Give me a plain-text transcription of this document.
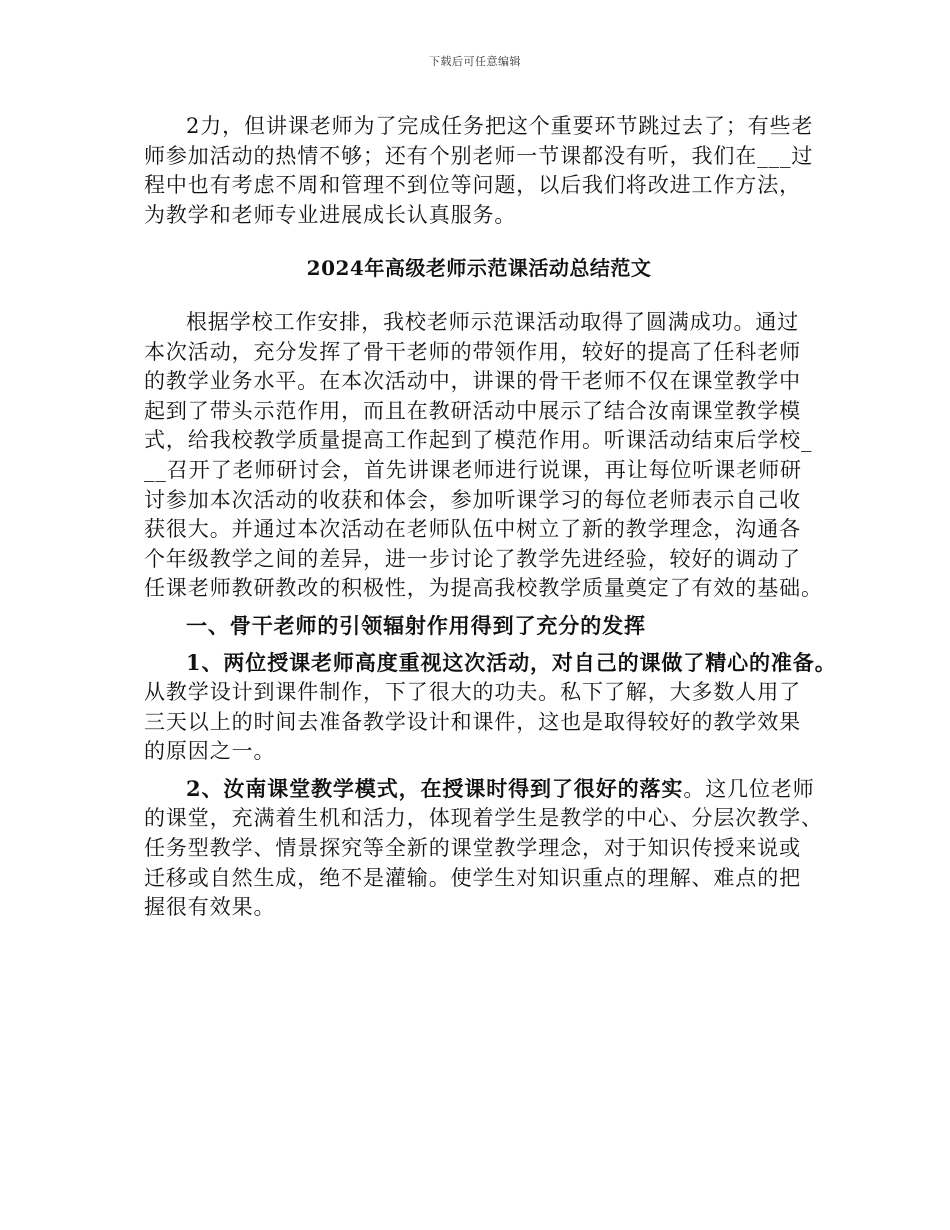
下载后可任意编辑
2力，但讲课老师为了完成任务把这个重要环节跳过去了；有些老
师参加活动的热情不够；还有个别老师一节课都没有听，我们在___过
程中也有考虑不周和管理不到位等问题，以后我们将改进工作方法，
为教学和老师专业进展成长认真服务。
2024年高级老师示范课活动总结范文
根据学校工作安排，我校老师示范课活动取得了圆满成功。通过
本次活动，充分发挥了骨干老师的带领作用，较好的提高了任科老师
的教学业务水平。在本次活动中，讲课的骨干老师不仅在课堂教学中
起到了带头示范作用，而且在教研活动中展示了结合汝南课堂教学模
式，给我校教学质量提高工作起到了模范作用。听课活动结束后学校_
__召开了老师研讨会，首先讲课老师进行说课，再让每位听课老师研
讨参加本次活动的收获和体会，参加听课学习的每位老师表示自己收
获很大。并通过本次活动在老师队伍中树立了新的教学理念，沟通各
个年级教学之间的差异，进一步讨论了教学先进经验，较好的调动了
任课老师教研教改的积极性，为提高我校教学质量奠定了有效的基础。
一、骨干老师的引领辐射作用得到了充分的发挥
1、两位授课老师高度重视这次活动，对自己的课做了精心的准备。
从教学设计到课件制作，下了很大的功夫。私下了解，大多数人用了
三天以上的时间去准备教学设计和课件，这也是取得较好的教学效果
的原因之一。
2、汝南课堂教学模式，在授课时得到了很好的落实。这几位老师
的课堂，充满着生机和活力，体现着学生是教学的中心、分层次教学、
任务型教学、情景探究等全新的课堂教学理念，对于知识传授来说或
迁移或自然生成，绝不是灌输。使学生对知识重点的理解、难点的把
握很有效果。
